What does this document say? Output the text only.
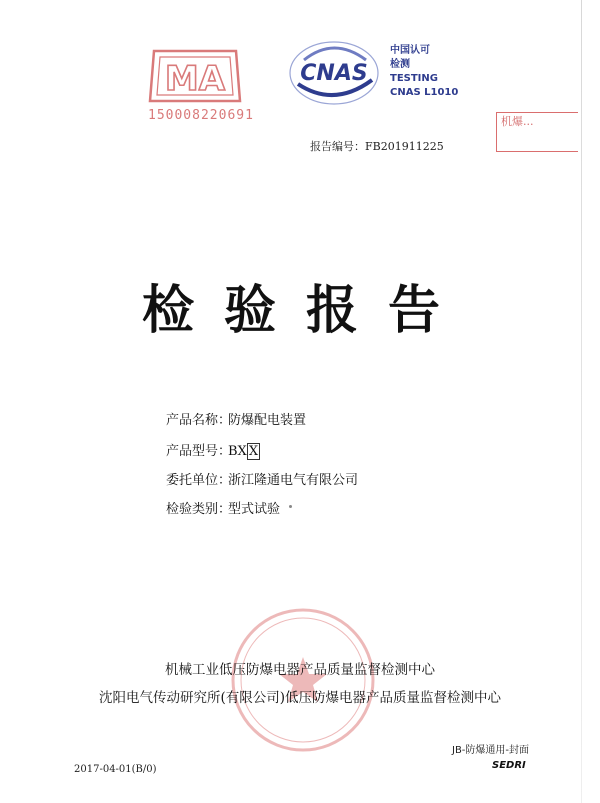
MA
150008220691
CNAS
中国认可
检测
TESTING
CNAS L1010
机爆...
报告编号：FB201911225
检验报告
产品名称：防爆配电装置
产品型号：BX X
委托单位：浙江隆通电气有限公司
检验类别：型式试验
机械工业低压防爆电器产品质量监督检测中心
沈阳电气传动研究所(有限公司)低压防爆电器产品质量监督检测中心
JB-防爆通用-封面
2017-04-01(B/0)	SEDRI
